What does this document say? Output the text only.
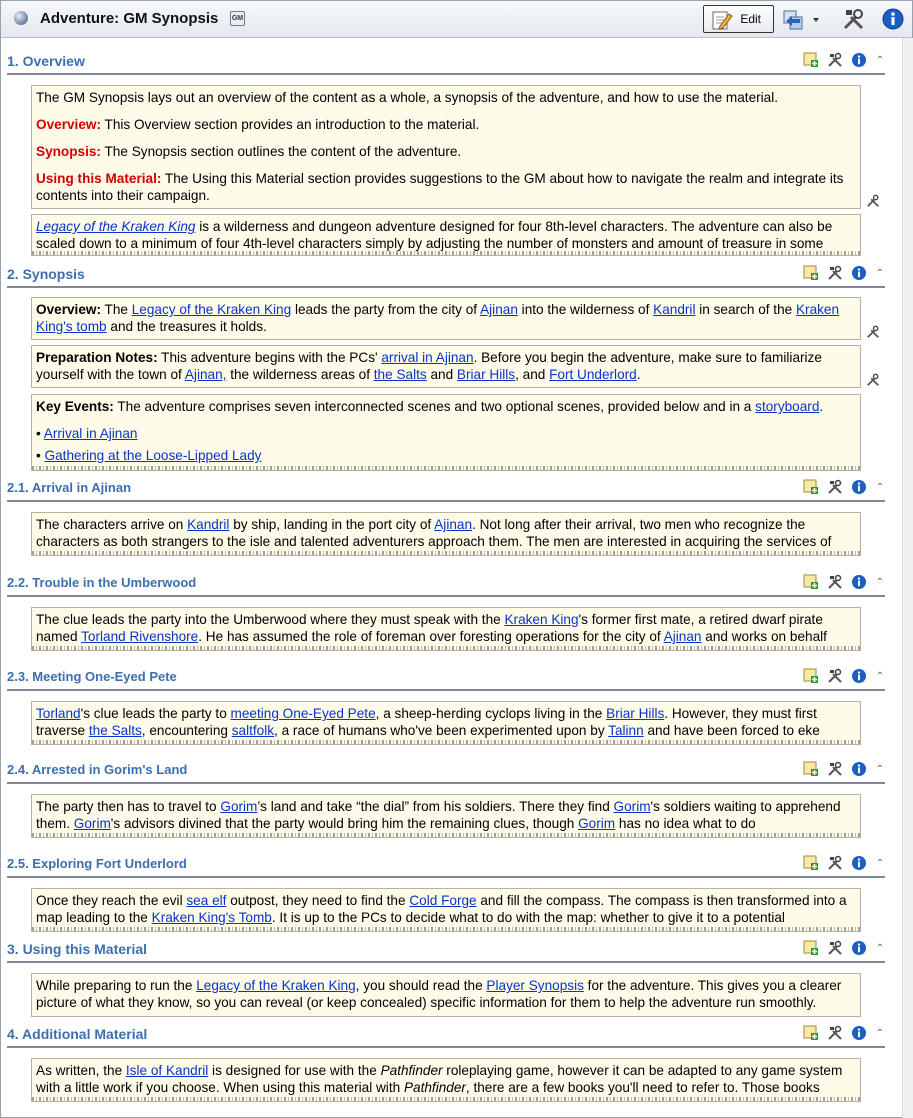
Adventure: GM Synopsis GM	Edit
1. Overview	⌃

The GM Synopsis lays out an overview of the content as a whole, a synopsis of the adventure, and how to use the material.

Overview: This Overview section provides an introduction to the material.

Synopsis: The Synopsis section outlines the content of the adventure.

Using this Material: The Using this Material section provides suggestions to the GM about how to navigate the realm and integrate its contents into their campaign.

Legacy of the Kraken King is a wilderness and dungeon adventure designed for four 8th-level characters. The adventure can also be scaled down to a minimum of four 4th-level characters simply by adjusting the number of monsters and amount of treasure in some
2. Synopsis	⌃
Overview: The Legacy of the Kraken King leads the party from the city of Ajinan into the wilderness of Kandril in search of the Kraken King's tomb and the treasures it holds.
Preparation Notes: This adventure begins with the PCs' arrival in Ajinan. Before you begin the adventure, make sure to familiarize yourself with the town of Ajinan, the wilderness areas of the Salts and Briar Hills, and Fort Underlord.

Key Events: The adventure comprises seven interconnected scenes and two optional scenes, provided below and in a storyboard.

• Arrival in Ajinan
• Gathering at the Loose-Lipped Lady
2.1. Arrival in Ajinan	⌃
The characters arrive on Kandril by ship, landing in the port city of Ajinan. Not long after their arrival, two men who recognize the characters as both strangers to the isle and talented adventurers approach them. The men are interested in acquiring the services of
2.2. Trouble in the Umberwood	⌃
The clue leads the party into the Umberwood where they must speak with the Kraken King's former first mate, a retired dwarf pirate named Torland Rivenshore. He has assumed the role of foreman over foresting operations for the city of Ajinan and works on behalf
2.3. Meeting One-Eyed Pete	⌃
Torland's clue leads the party to meeting One-Eyed Pete, a sheep-herding cyclops living in the Briar Hills. However, they must first traverse the Salts, encountering saltfolk, a race of humans who've been experimented upon by Talinn and have been forced to eke
2.4. Arrested in Gorim's Land	⌃
The party then has to travel to Gorim’s land and take “the dial” from his soldiers. There they find Gorim's soldiers waiting to apprehend them. Gorim's advisors divined that the party would bring him the remaining clues, though Gorim has no idea what to do
2.5. Exploring Fort Underlord	⌃
Once they reach the evil sea elf outpost, they need to find the Cold Forge and fill the compass. The compass is then transformed into a map leading to the Kraken King's Tomb. It is up to the PCs to decide what to do with the map: whether to give it to a potential
3. Using this Material	⌃
While preparing to run the Legacy of the Kraken King, you should read the Player Synopsis for the adventure. This gives you a clearer picture of what they know, so you can reveal (or keep concealed) specific information for them to help the adventure run smoothly.
4. Additional Material	⌃
As written, the Isle of Kandril is designed for use with the Pathfinder roleplaying game, however it can be adapted to any game system with a little work if you choose. When using this material with Pathfinder, there are a few books you'll need to refer to. Those books
